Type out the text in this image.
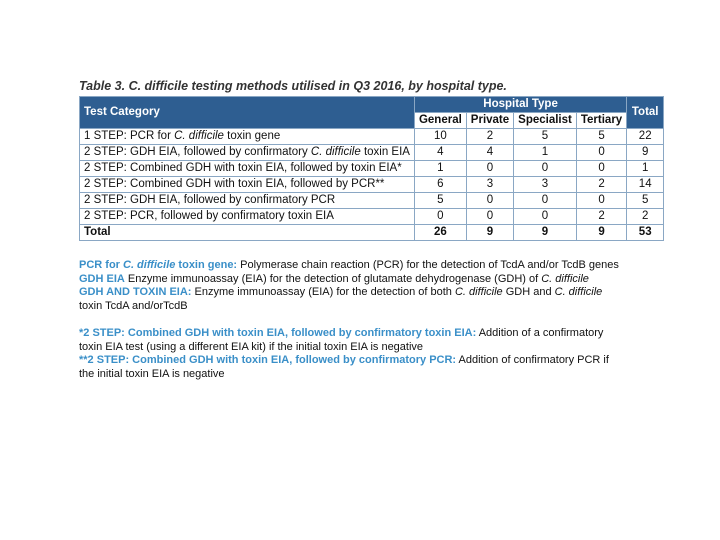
Table 3. C. difficile testing methods utilised in Q3 2016, by hospital type.
Test Category	Hospital Type				Total
	General	Private	Specialist	Tertiary	
1 STEP: PCR for C. difficile toxin gene	10	2	5	5	22
2 STEP: GDH EIA, followed by confirmatory C. difficile toxin EIA	4	4	1	0	9
2 STEP: Combined GDH with toxin EIA, followed by toxin EIA*	1	0	0	0	1
2 STEP: Combined GDH with toxin EIA, followed by PCR**	6	3	3	2	14
2 STEP: GDH EIA, followed by confirmatory PCR	5	0	0	0	5
2 STEP: PCR, followed by confirmatory toxin EIA	0	0	0	2	2
Total	26	9	9	9	53

PCR for C. difficile toxin gene: Polymerase chain reaction (PCR) for the detection of TcdA and/or TcdB genes

GDH EIA Enzyme immunoassay (EIA) for the detection of glutamate dehydrogenase (GDH) of C. difficile

GDH AND TOXIN EIA: Enzyme immunoassay (EIA) for the detection of both C. difficile GDH and C. difficile toxin TcdA and/orTcdB

*2 STEP: Combined GDH with toxin EIA, followed by confirmatory toxin EIA: Addition of a confirmatory toxin EIA test (using a different EIA kit) if the initial toxin EIA is negative

**2 STEP: Combined GDH with toxin EIA, followed by confirmatory PCR: Addition of confirmatory PCR if the initial toxin EIA is negative
